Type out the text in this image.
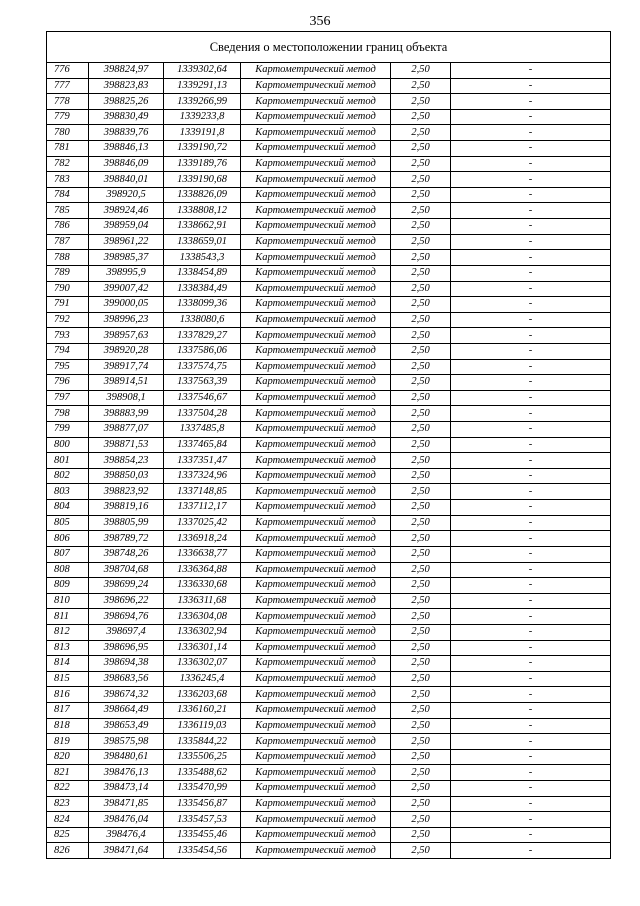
356
Сведения о местоположении границ объекта					
776	398824,97	1339302,64	Картометрический метод	2,50	-
777	398823,83	1339291,13	Картометрический метод	2,50	-
778	398825,26	1339266,99	Картометрический метод	2,50	-
779	398830,49	1339233,8	Картометрический метод	2,50	-
780	398839,76	1339191,8	Картометрический метод	2,50	-
781	398846,13	1339190,72	Картометрический метод	2,50	-
782	398846,09	1339189,76	Картометрический метод	2,50	-
783	398840,01	1339190,68	Картометрический метод	2,50	-
784	398920,5	1338826,09	Картометрический метод	2,50	-
785	398924,46	1338808,12	Картометрический метод	2,50	-
786	398959,04	1338662,91	Картометрический метод	2,50	-
787	398961,22	1338659,01	Картометрический метод	2,50	-
788	398985,37	1338543,3	Картометрический метод	2,50	-
789	398995,9	1338454,89	Картометрический метод	2,50	-
790	399007,42	1338384,49	Картометрический метод	2,50	-
791	399000,05	1338099,36	Картометрический метод	2,50	-
792	398996,23	1338080,6	Картометрический метод	2,50	-
793	398957,63	1337829,27	Картометрический метод	2,50	-
794	398920,28	1337586,06	Картометрический метод	2,50	-
795	398917,74	1337574,75	Картометрический метод	2,50	-
796	398914,51	1337563,39	Картометрический метод	2,50	-
797	398908,1	1337546,67	Картометрический метод	2,50	-
798	398883,99	1337504,28	Картометрический метод	2,50	-
799	398877,07	1337485,8	Картометрический метод	2,50	-
800	398871,53	1337465,84	Картометрический метод	2,50	-
801	398854,23	1337351,47	Картометрический метод	2,50	-
802	398850,03	1337324,96	Картометрический метод	2,50	-
803	398823,92	1337148,85	Картометрический метод	2,50	-
804	398819,16	1337112,17	Картометрический метод	2,50	-
805	398805,99	1337025,42	Картометрический метод	2,50	-
806	398789,72	1336918,24	Картометрический метод	2,50	-
807	398748,26	1336638,77	Картометрический метод	2,50	-
808	398704,68	1336364,88	Картометрический метод	2,50	-
809	398699,24	1336330,68	Картометрический метод	2,50	-
810	398696,22	1336311,68	Картометрический метод	2,50	-
811	398694,76	1336304,08	Картометрический метод	2,50	-
812	398697,4	1336302,94	Картометрический метод	2,50	-
813	398696,95	1336301,14	Картометрический метод	2,50	-
814	398694,38	1336302,07	Картометрический метод	2,50	-
815	398683,56	1336245,4	Картометрический метод	2,50	-
816	398674,32	1336203,68	Картометрический метод	2,50	-
817	398664,49	1336160,21	Картометрический метод	2,50	-
818	398653,49	1336119,03	Картометрический метод	2,50	-
819	398575,98	1335844,22	Картометрический метод	2,50	-
820	398480,61	1335506,25	Картометрический метод	2,50	-
821	398476,13	1335488,62	Картометрический метод	2,50	-
822	398473,14	1335470,99	Картометрический метод	2,50	-
823	398471,85	1335456,87	Картометрический метод	2,50	-
824	398476,04	1335457,53	Картометрический метод	2,50	-
825	398476,4	1335455,46	Картометрический метод	2,50	-
826	398471,64	1335454,56	Картометрический метод	2,50	-
